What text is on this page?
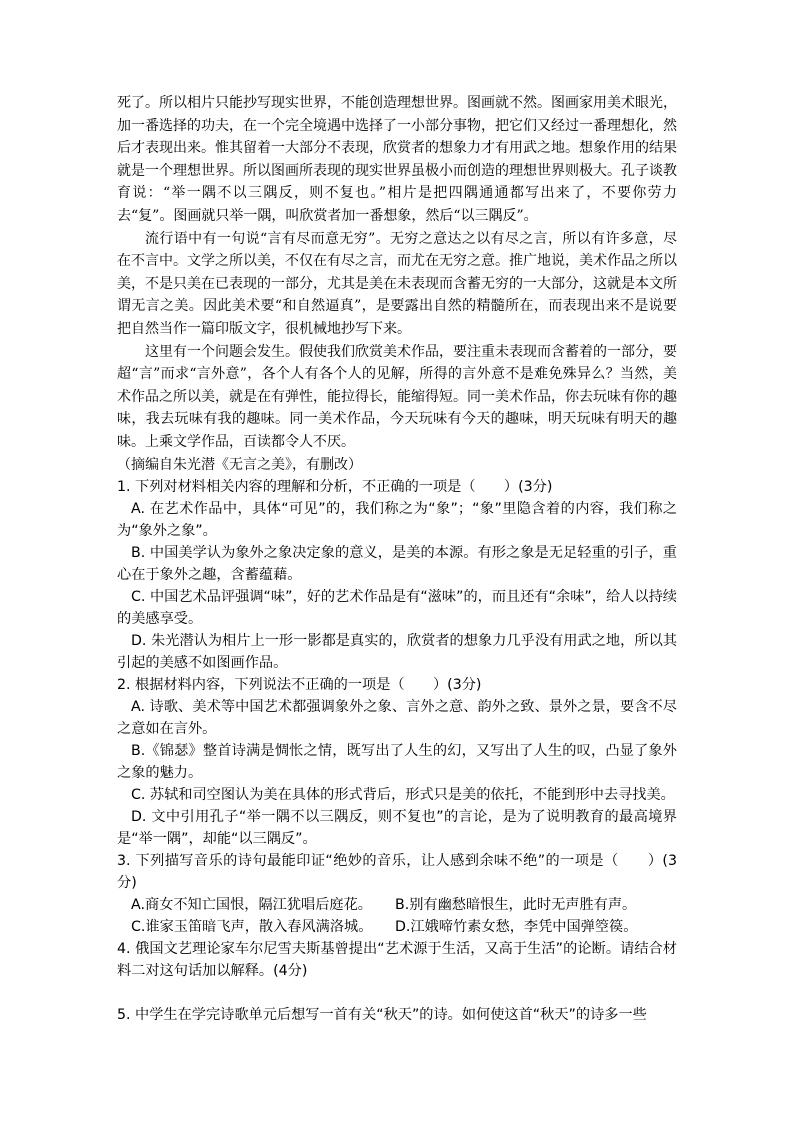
死了。所以相片只能抄写现实世界，不能创造理想世界。图画就不然。图画家用美术眼光，加一番选择的功夫，在一个完全境遇中选择了一小部分事物，把它们又经过一番理想化，然后才表现出来。惟其留着一大部分不表现，欣赏者的想象力才有用武之地。想象作用的结果就是一个理想世界。所以图画所表现的现实世界虽极小而创造的理想世界则极大。孔子谈教育说：“举一隅不以三隅反，则不复也。”相片是把四隅通通都写出来了，不要你劳力去“复”。图画就只举一隅，叫欣赏者加一番想象，然后“以三隅反”。

流行语中有一句说“言有尽而意无穷”。无穷之意达之以有尽之言，所以有许多意，尽在不言中。文学之所以美，不仅在有尽之言，而尤在无穷之意。推广地说，美术作品之所以美，不是只美在已表现的一部分，尤其是美在未表现而含蓄无穷的一大部分，这就是本文所谓无言之美。因此美术要“和自然逼真”，是要露出自然的精髓所在，而表现出来不是说要把自然当作一篇印版文字，很机械地抄写下来。

这里有一个问题会发生。假使我们欣赏美术作品，要注重未表现而含蓄着的一部分，要超“言”而求“言外意”，各个人有各个人的见解，所得的言外意不是难免殊异么？当然，美术作品之所以美，就是在有弹性，能拉得长，能缩得短。同一美术作品，你去玩味有你的趣味，我去玩味有我的趣味。同一美术作品，今天玩味有今天的趣味，明天玩味有明天的趣味。上乘文学作品，百读都令人不厌。

（摘编自朱光潜《无言之美》，有删改）

1. 下列对材料相关内容的理解和分析，不正确的一项是（　　）(3分)

A. 在艺术作品中，具体“可见”的，我们称之为“象”；“象”里隐含着的内容，我们称之为“象外之象”。

B. 中国美学认为象外之象决定象的意义，是美的本源。有形之象是无足轻重的引子，重心在于象外之趣，含蓄蕴藉。

C. 中国艺术品评强调“味”，好的艺术作品是有“滋味”的，而且还有“余味”，给人以持续的美感享受。

D. 朱光潜认为相片上一形一影都是真实的，欣赏者的想象力几乎没有用武之地，所以其引起的美感不如图画作品。

2. 根据材料内容，下列说法不正确的一项是（　　）(3分)

A. 诗歌、美术等中国艺术都强调象外之象、言外之意、韵外之致、景外之景，要含不尽之意如在言外。

B.《锦瑟》整首诗满是惆怅之情，既写出了人生的幻，又写出了人生的叹，凸显了象外之象的魅力。

C. 苏轼和司空图认为美在具体的形式背后，形式只是美的依托，不能到形中去寻找美。

D. 文中引用孔子“举一隅不以三隅反，则不复也”的言论，是为了说明教育的最高境界是“举一隅”，却能“以三隅反”。

3. 下列描写音乐的诗句最能印证“绝妙的音乐，让人感到余味不绝”的一项是（　　）(3分)

A.商女不知亡国恨，隔江犹唱后庭花。	B.别有幽愁暗恨生，此时无声胜有声。
C.谁家玉笛暗飞声，散入春风满洛城。	D.江娥啼竹素女愁，李凭中国弹箜篌。

4. 俄国文艺理论家车尔尼雪夫斯基曾提出“艺术源于生活，又高于生活”的论断。请结合材料二对这句话加以解释。(4分)

5. 中学生在学完诗歌单元后想写一首有关“秋天”的诗。如何使这首“秋天”的诗多一些
